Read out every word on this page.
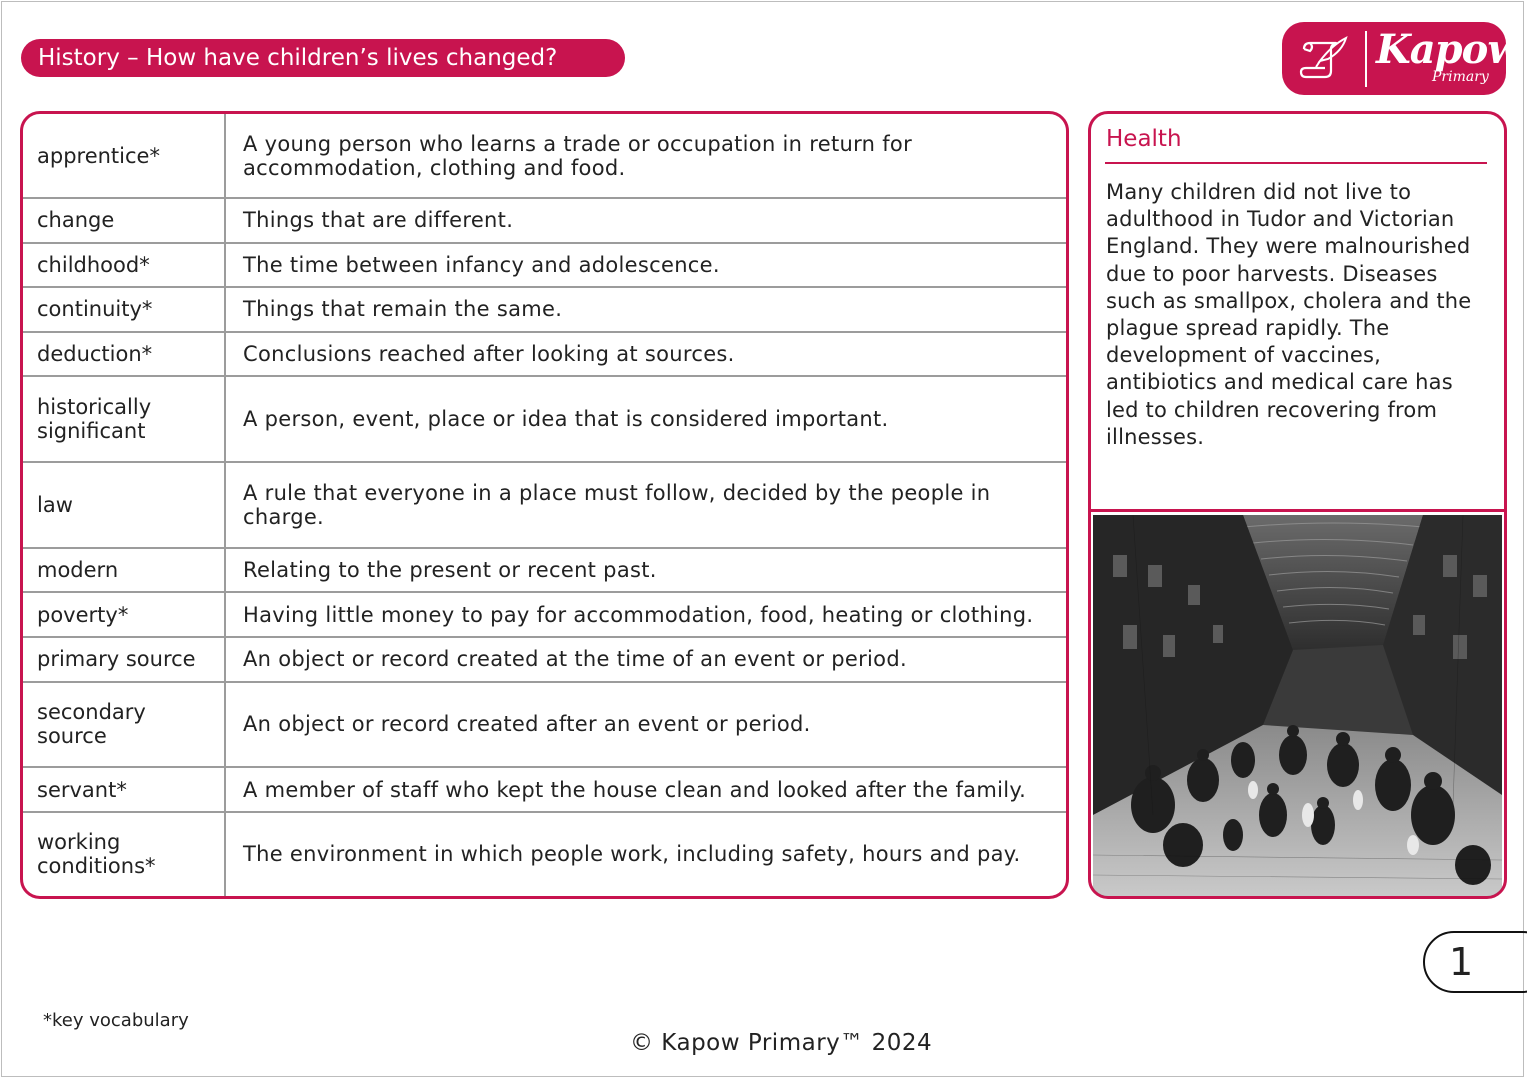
History – How have children’s lives changed?	Kapow
Primary
apprentice*	A young person who learns a trade or occupation in return for accommodation, clothing and food.
change	Things that are different.
childhood*	The time between infancy and adolescence.
continuity*	Things that remain the same.
deduction*	Conclusions reached after looking at sources.
historically significant	A person, event, place or idea that is considered important.
law	A rule that everyone in a place must follow, decided by the people in charge.
modern	Relating to the present or recent past.
poverty*	Having little money to pay for accommodation, food, heating or clothing.
primary source	An object or record created at the time of an event or period.
secondary source	An object or record created after an event or period.
servant*	A member of staff who kept the house clean and looked after the family.
working conditions*	The environment in which people work, including safety, hours and pay.
Health
Many children did not live to adulthood in Tudor and Victorian England. They were malnourished due to poor harvests. Diseases such as smallpox, cholera and the plague spread rapidly. The development of vaccines, antibiotics and medical care has led to children recovering from illnesses.
1
*key vocabulary
© Kapow Primary™ 2024
